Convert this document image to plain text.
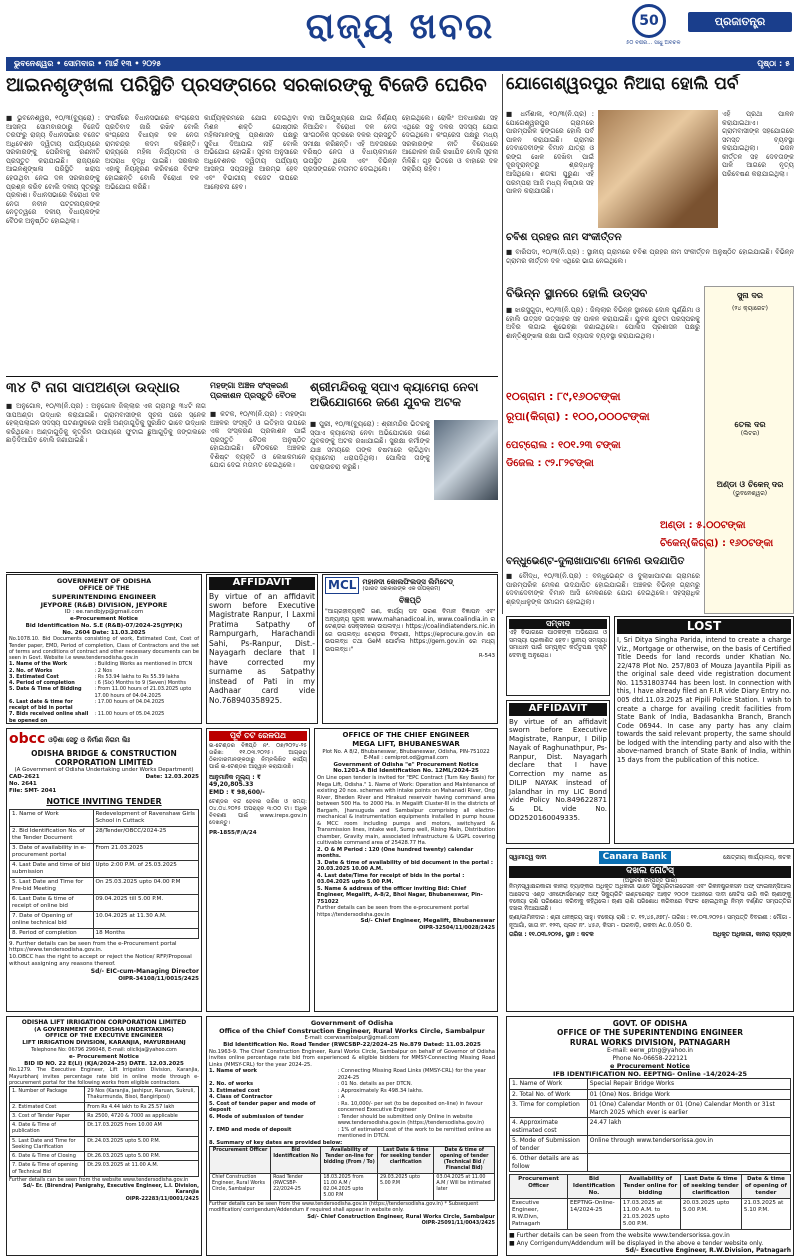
ରାଜ୍ୟ ଖବର	50
୫୦ ବର୍ଷର... ସାଧୁ ଅବିଚଳ
ପ୍ରଜାତନ୍ତ୍ର
ଭୁବନେଶ୍ୱର • ସୋମବାର • ମାର୍ଚ୍ଚ ୧୩ • ୨୦୨୫	ପୃଷ୍ଠା : ୫
ଆଇନଶୃଙ୍ଖଳା ପରିସ୍ଥିତି ପ୍ରସଙ୍ଗରେ ସରକାରଙ୍କୁ ବିଜେଡି ଘେରିବ
■ ଭୁବନେଶ୍ୱର, ୧୦/୩(ବ୍ୟୁରୋ) : ଆସନ୍ତା ସୋମବାରଠାରୁ ବିଜେଡି ତରଫରୁ ରାଜ୍ୟ ବିଧାନସଭାର ବଜେଟ ଅଧିବେଶନ ଦ୍ୱିତୀୟ ପର୍ଯ୍ୟାୟରେ ସରକାରଙ୍କୁ ଘେରିବାକୁ ରଣନୀତି ପ୍ରସ୍ତୁତ କରାଯାଇଛି। ରାଜ୍ୟରେ ଆଇନଶୃଙ୍ଖଳା ପରିସ୍ଥିତି ଖରାପ ହେଉଥିବା ନେଇ ଦଳ ସରକାରଙ୍କୁ ପ୍ରଶ୍ନ କରିବ ବୋଲି ଦଳୀୟ ସୂତ୍ରରୁ ପ୍ରକାଶ। ବିଧାନସଭାରେ ବିରୋଧୀ ଦଳ ନେତା ନବୀନ ପଟ୍ଟନାୟକଙ୍କ ନେତୃତ୍ୱରେ ଦଳୀୟ ବିଧାୟକଙ୍କ ବୈଠକ ଅନୁଷ୍ଠିତ ହୋଇଥିଲା।
ସଂପର୍କରେ ବିଧାନସଭାରେ କଂଗ୍ରେସ ପ୍ରତିବାଦ ଜାରି ରଖିବ ବୋଲି କଂଗ୍ରେସ ବିଧାୟକ ଦଳ ନେତା ରାମଚନ୍ଦ୍ର କଦମ କହିଛନ୍ତି। ରାଜ୍ୟରେ ମହିଳା ନିର୍ଯ୍ୟାତନା ଓ ଅପରାଧ ବୃଦ୍ଧି ପାଇଛି। ସରକାର ଏହାକୁ ନିୟନ୍ତ୍ରଣ କରିବାରେ ବିଫଳ ହୋଇଛନ୍ତି ବୋଲି ବିରୋଧୀ ଦଳ ଅଭିଯୋଗ କରିଛି।
କାର୍ଯ୍ୟକ୍ରମରେ ଯୋଗ ଦେଇଥିବା ମିଶନ ଶକ୍ତି ଗୋଷ୍ଠୀର ମହିଳାମାନଙ୍କୁ ପ୍ରଶାସନ ପକ୍ଷରୁ ସୁବିଧା ଦିଆଯାଇ ନାହିଁ ବୋଲି ଅଭିଯୋଗ ହୋଇଛି। ସୂଚନା ଅନୁସାରେ ଅଧିବେଶନର ଦ୍ୱିତୀୟ ପର୍ଯ୍ୟାୟ ଆସନ୍ତା ସପ୍ତାହରୁ ଆରମ୍ଭ ହେବ ଏବଂ ବିଭାଗୀୟ ବଜେଟ ଉପରେ ଆଲୋଚନା ହେବ।
ବାରା ଆଭିମୁଖ୍ୟରେ ଯାଇ ନିର୍ଣ୍ଣୟ ନିଆଯିବ। ବିରୋଧୀ ଦଳ ନେତା ସାଂଗଠନିକ ସ୍ତରରେ ଦଳର ପ୍ରସ୍ତୁତି ସମୀକ୍ଷା କରିଛନ୍ତି। ଏହି ଅବସରରେ ବରିଷ୍ଠ ନେତା ଓ ବିଧାୟକମାନେ ଉପସ୍ଥିତ ଥିଲେ ଏବଂ ବିଭିନ୍ନ ପ୍ରସଙ୍ଗରେ ମତାମତ ଦେଇଥିଲେ।
ହୋଇଥିଲେ। ରୋଲିଂ ଅବଧାରଣା ସହ ଏଥିରେ ସବୁ ଦଳର ସଦସ୍ୟ ଯୋଗ ଦେଇଥିଲେ। କଂଗ୍ରେସ ପକ୍ଷରୁ ମଧ୍ୟ ସରକାରଙ୍କ ନୀତି ବିରୋଧରେ ଆନ୍ଦୋଳନ ଜାରି ରଖାଯିବ ବୋଲି ସୂଚନା ମିଳିଛି। ଗୃହ ଭିତରେ ଓ ବାହାରେ ଦଳ ସକ୍ରିୟ ରହିବ।
ଯୋଗେଶ୍ୱରପୁର ନିଆରା ହୋଲି ପର୍ବ
■ ଧର୍ମଶାଳା, ୧୦/୩(ନି.ପ୍ର) : ଯୋଗେଶ୍ୱରପୁର ଗ୍ରାମରେ ପାରମ୍ପରିକ ଢଙ୍ଗରେ ହୋଲି ପର୍ବ ପାଳନ କରାଯାଇଛି। ଗ୍ରାମର ଦେବାଦେବୀଙ୍କ ବିମାନ ଯାତ୍ରା ଓ ରଙ୍ଗ ଖେଳ ଦେଖିବା ପାଇଁ ଦୂରଦୂରାନ୍ତରୁ ଶ୍ରଦ୍ଧାଳୁ ଆସିଥିଲେ। ଶତାବ୍ଦୀ ପୁରୁଣା ଏହି ପରମ୍ପରା ଆଜି ମଧ୍ୟ ନିଷ୍ଠାର ସହ ପାଳନ କରାଯାଉଛି।
ଏହି ପ୍ରଥା ପାଳନ କରାଯାଇଥାଏ। ଗ୍ରାମବାସୀଙ୍କ ସହଯୋଗରେ ସମସ୍ତ ବ୍ୟବସ୍ଥା କରାଯାଇଥିଲା। ଭଜନ କୀର୍ତ୍ତନ ସହ ଦେବତାଙ୍କ ପାଳି ଆଗରେ ନୃତ୍ୟ ପରିବେଷଣ କରାଯାଇଥିଲା।
ଚବିଶ ପ୍ରହର ନାମ ସଂକୀର୍ତ୍ତନ
■ ବାରିପଦା, ୧୦/୩(ନି.ପ୍ର) : ସ୍ଥାନୀୟ ଗ୍ରାମରେ ଚବିଶ ପ୍ରହର ନାମ ସଂକୀର୍ତ୍ତନ ଅନୁଷ୍ଠିତ ହୋଇଯାଇଛି। ବିଭିନ୍ନ ଗ୍ରାମର କୀର୍ତ୍ତନ ଦଳ ଏଥିରେ ଭାଗ ନେଇଥିଲେ।
ବିଭିନ୍ନ ସ୍ଥାନରେ ହୋଲି ଉତ୍ସବ
■ ଝାରସୁଗୁଡ଼ା, ୧୦/୩(ନି.ପ୍ର) : ଜିଲ୍ଲାର ବିଭିନ୍ନ ସ୍ଥାନରେ ଦୋଳ ପୂର୍ଣ୍ଣିମା ଓ ହୋଲି ଉତ୍ସବ ଉତ୍ସାହର ସହ ପାଳନ କରାଯାଇଛି। ଯୁବକ ଯୁବତୀ ପରସ୍ପରକୁ ଅବିର ଲଗାଇ ଶୁଭେଚ୍ଛା ଜଣାଇଥିଲେ। ପୋଲିସ ପ୍ରଶାସନ ପକ୍ଷରୁ ଶାନ୍ତିଶୃଙ୍ଖଳା ରକ୍ଷା ପାଇଁ ବ୍ୟାପକ ବ୍ୟବସ୍ଥା କରାଯାଇଥିଲା।
ସୁନା ଦର
(୨୪ କ୍ୟାରେଟ)
୧୦ଗ୍ରାମ : ୮୯,୧୬୦ଟଙ୍କା
ରୂପା(କିଗ୍ରା) : ୧୦୦,୦୦୦ଟଙ୍କା
ତେଲ ଦର
(ଲିଟର)
ପେଟ୍ରୋଲ : ୧୦୧.୨୩ ଟଙ୍କା
ଡିଜେଲ : ୯୨.୮୨ଟଙ୍କା
ଅଣ୍ଡା ଓ ଚିକେନ୍ ଦର
(ଭୁବନେଶ୍ୱର)
ଅଣ୍ଡା : ୫.୦୦ଟଙ୍କା
ଚିକେନ୍(କିଗ୍ରା) : ୧୬୦ଟଙ୍କା
୩୪ ଟି ନାଗ ସାପଅଣ୍ଡା ଉଦ୍ଧାର
■ ଅନୁଗୋଳ, ୧୦/୩(ନି.ପ୍ର) : ଅନୁଗୋଳ ଜିଲ୍ଲାର ଏକ ଗ୍ରାମରୁ ୩୪ଟି ନାଗ ସାପଅଣ୍ଡା ଉଦ୍ଧାର କରାଯାଇଛି। ଗ୍ରାମବାସୀଙ୍କ ସୂଚନା ପରେ ସ୍ନେକ ହେଲ୍ପଲାଇନ ସଦସ୍ୟ ଘଟଣାସ୍ଥଳରେ ପହଞ୍ଚି ଅଣ୍ଡାଗୁଡ଼ିକୁ ସୁରକ୍ଷିତ ଭାବେ ଉଦ୍ଧାର କରିଥିଲେ। ଅଣ୍ଡାଗୁଡ଼ିକୁ କୃତ୍ରିମ ଉପାୟରେ ଫୁଟାଇ ଛୁଆଗୁଡ଼ିକୁ ଜଙ୍ଗଲରେ ଛାଡ଼ିଦିଆଯିବ ବୋଲି ଜଣାଯାଇଛି।
ମହଙ୍ଗା ଅଞ୍ଚଳ ସଂସ୍କରଣ ପ୍ରକାଶନ ପ୍ରସ୍ତୁତି ବୈଠକ
■ କଟକ, ୧୦/୩(ନି.ପ୍ର) : ମହଙ୍ଗା ଅଞ୍ଚଳର ସଂସ୍କୃତି ଓ ଇତିହାସ ଉପରେ ଏକ ସଂସ୍କରଣ ପ୍ରକାଶନ ପାଇଁ ପ୍ରସ୍ତୁତି ବୈଠକ ଅନୁଷ୍ଠିତ ହୋଇଯାଇଛି। ବୈଠକରେ ଅଞ୍ଚଳର ବିଶିଷ୍ଟ ବ୍ୟକ୍ତି ଓ ଲେଖକମାନେ ଯୋଗ ଦେଇ ମତାମତ ଦେଇଥିଲେ।
ଶ୍ରୀମନ୍ଦିରକୁ ସ୍ପାଏ କ୍ୟାମେରା ନେବା ଅଭିଯୋଗରେ ଜଣେ ଯୁବକ ଅଟକ
■ ପୁରୀ, ୧୦/୩(ବ୍ୟୁରୋ) : ଶ୍ରୀମନ୍ଦିର ଭିତରକୁ ସ୍ପାଏ କ୍ୟାମେରା ନେବା ଅଭିଯୋଗରେ ଜଣେ ଯୁବକଙ୍କୁ ଅଟକ ରଖାଯାଇଛି। ସୁରକ୍ଷା କର୍ମୀଙ୍କ ଯାଞ୍ଚ ସମୟରେ ତାଙ୍କ ଚଷମାରେ ଲାଗିଥିବା କ୍ୟାମେରା ଧରାପଡ଼ିଥିଲା। ପୋଲିସ ତାଙ୍କୁ ପଚରାଉଚରା କରୁଛି।
ବନ୍ଧୁଭେଣ୍ଟ-ଦୁଲାଖାପାଟଣା ମେଳଣ ଉଦଯାପିତ
■ ବୌଦ୍ଧ, ୧୦/୩(ନି.ପ୍ର) : ବନ୍ଧୁଭେଣ୍ଟ ଓ ଦୁଲାଖାପାଟଣା ଗ୍ରାମରେ ପାରମ୍ପରିକ ମେଳଣ ଉଦଯାପିତ ହୋଇଯାଇଛି। ଅଞ୍ଚଳର ବିଭିନ୍ନ ଗ୍ରାମରୁ ଦେବାଦେବୀଙ୍କ ବିମାନ ଆସି ମେଳଣରେ ଯୋଗ ଦେଇଥିଲେ। ସହସ୍ରାଧିକ ଶ୍ରଦ୍ଧାଳୁଙ୍କ ସମାଗମ ହୋଇଥିଲା।
GOVERNMENT OF ODISHA
OFFICE OF THE
SUPERINTENDING ENGINEER
JEYPORE (R&B) DIVISION, JEYPORE
ID : ee.randbjyp@gmail.com
e-Procurement Notice
Bid Identification No. S.E (R&B)-07/2024-25(JYP(K)
No. 2604 Date: 11.03.2025
No.1078.10. Bid Documents consisting of work, Estimated Cost, Cost of Tender paper, EMD, Period of completion, Class of Contractors and the set of terms and conditions of contract and other necessary documents can be seen in Govt. Website i.e www.tendersodisha.gov.in
1. Name of the Work	: Building Works as mentioned in DTCN
2. No. of Works	: 2 Nos
3. Estimated Cost	: Rs 53.94 lakhs to Rs 55.39 lakhs
4. Period of completion	: 6 (Six) Months to 9 (Seven) Months
5. Date & Time of Bidding	: From 11.00 hours of 21.03.2025 upto 17.00 hours of 04.04.2025
6. Last date & time for receipt of bid in portal
: 17.00 hours of 04.04.2025
7. Bids received online shall be opened on
: 11.00 hours of 05.04.2025
AFFIDAVIT
By virtue of an affidavit sworn before Executive Magistrate Ranpur, I Laxmi Pratima Satpathy of Rampurgarh, Harachandi Sahi, Ps-Ranpur, Dist.-Nayagarh declare that I have corrected my surname as Satpathy instead of Pati in my Aadhaar card vide No.768940358925.
MCL ମହାନଦୀ କୋଲଫିଲଡ୍ସ ଲିମିଟେଡ୍
(ଭାରତ ସରକାରଙ୍କ ଏକ ଉପକ୍ରମ)
ବିଜ୍ଞପ୍ତି
"ଆଗ୍ରହୀବ୍ୟକ୍ତି ଗଣ, କାର୍ଯ୍ୟ ପଦ ଭରଣ ବିମାନ ବିଜ୍ଞାପନ ଏବଂ ଅନ୍ୟାନ୍ୟ ସୂଚନା www.mahanadicoal.in, www.coalindia.in ର ଟେଣ୍ଡର ସେକ୍ସନରେ ଉପଲବ୍ଧ। https://coalindiatenders.nic.in ରେ ଉପଲବ୍ଧ ଟେଣ୍ଡର ବିବରଣୀ, https://eprocure.gov.in ରେ ଉପଲବ୍ଧ ତଥା GeM ପୋର୍ଟାଲ https://gem.gov.in ରେ ମଧ୍ୟ ଉପଲବ୍ଧ।"
R-543
ସମ୍ବାଦ
ଏହି ବିଭାଗରେ ପାଠକଙ୍କ ଅଭିଯୋଗ ଓ ସମସ୍ୟା ପ୍ରକାଶିତ ହେବ। ସ୍ଥାନୀୟ ସମସ୍ୟା ସମାଧାନ ପାଇଁ ସମ୍ପୃକ୍ତ କର୍ତ୍ତୃପକ୍ଷ ଦୃଷ୍ଟି ଦେବାକୁ ଅନୁରୋଧ।
AFFIDAVIT
By virtue of an affidavit sworn before Executive Magistrate, Ranpur, I Dilip Nayak of Raghunathpur, Ps-Ranpur, Dist. Nayagarh declare that I have Correction my name as DILIP NAYAK instead of Jalandhar in my LIC Bond vide Policy No.849622871 & DL vide No. OD2520160049335.
LOST
I, Sri Ditya Singha Parida, intend to create a charge Viz., Mortgage or otherwise, on the basis of Certified Title Deeds for land records under Khatian No. 22/478 Plot No. 257/803 of Mouza Jayantila Pipili as the original sale deed vide registration document No. 11531803744 has been lost. In connection with this, I have already filed an F.I.R vide Diary Entry no. 005 dtd.11.03.2025 at Pipili Police Station. I wish to create a charge for availing credit facilities from State Bank of India, Badasankha Branch, Branch Code 06944. In case any party has any claim towards the said relevant property, the same should be lodged with the intending party and also with the above-named branch of State Bank of India, within 15 days from the publication of this notice.
obcc ଓଡ଼ିଶା ସେତୁ ଓ ନିର୍ମାଣ ନିଗମ ଲିଃ
ODISHA BRIDGE & CONSTRUCTION
CORPORATION LIMITED
(A Government of Odisha Undertaking under Works Department)
CAD-2621	Date: 12.03.2025
No. 2641
File: SMT- 2041
NOTICE INVITING TENDER
1. Name of Work	Redevelopment of Ravenshaw Girls School in Cuttack
2. Bid Identification No. of the Tender Document	28/Tender/OBCC/2024-25
3. Date of availability in e-procurement portal	From 21.03.2025
4. Last Date and time of bid submission	Upto 2:00 P.M. of 25.03.2025
5. Last Date and Time for Pre-bid Meeting	On 25.03.2025 upto 04.00 P.M
6. Last Date & time of receipt of online bid	09.04.2025 till 5.00 P.M.
7. Date of Opening of online technical bid	10.04.2025 at 11.30 A.M.
8. Period of completion	18 Months
9. Further details can be seen from the e-Procurement portal https://www.tendersodisha.gov.in.
10.OBCC has the right to accept or reject the Notice/ RFP/Proposal without assigning any reasons thereof.
Sd/- EIC-cum-Managing Director
OIPR-34108/11/0015/2425
ପୂର୍ବ ତଟ ରେଳପଥ
ଇ-ଟେଣ୍ଡର ବିଜ୍ଞପ୍ତି ନଂ. ୦୭/୨୦୨୪-୨୫ ତାରିଖ: ୧୧.୦୩.୨୦୨୫। ଆଗ୍ରହୀ ଠିକାଦାରମାନଙ୍କଠାରୁ ନିମ୍ନଲିଖିତ କାର୍ଯ୍ୟ ପାଇଁ ଇ-ଟେଣ୍ଡର ଆହ୍ୱାନ କରାଯାଉଛି।
ଆନୁମାନିକ ମୂଲ୍ୟ : ₹ 49,20,805.33
EMD : ₹ 98,600/-
ଟେଣ୍ଡର ବନ୍ଦ ହେବାର ତାରିଖ ଓ ସମୟ: ୦୪.୦୪.୨୦୨୫ ଅପରାହ୍ନ ୩:୦୦ ଟା। ଅଧିକ ବିବରଣୀ ପାଇଁ www.ireps.gov.in ଦେଖନ୍ତୁ।
PR-1855/F/A/24
OFFICE OF THE CHIEF ENGINEER
MEGA LIFT, BHUBANESWAR
Plot No. A 8/2, Bhubaneswar, Bhubaneswar, Odisha, PIN-751022
E-Mail : cemlprot.od@gmail.com
Government of Odisha "e" Procurement Notice
No.1201-A Bid Identification No. 12ML/2024-25
On Line open tender is invited for "EPC Contract (Turn Key Basis) for Mega Lift, Odisha." 1. Name of Work: Operation and Maintenance of existing 20 nos. schemes with intake points on Mahanadi River, Ong River, Bheden River and Hirakud reservoir having command area between 500 Ha. to 2000 Ha. in Megalift Cluster-III in the districts of Bargarh, Jharsuguda and Sambalpur comprising all electro-mechanical & instrumentation equipments installed in pump house & MCC room including pumps and motors, switchyard & Transmission lines, intake well, Sump well, Rising Main, Distribution chamber, Gravity main, associated infrastructure & UGPL covering cultivable command area of 25428.77 Ha.
2. O & M Period : 120 (One hundred twenty) calendar months.
3. Date & time of availability of bid document in the portal : 20.03.2025 10.00 A.M.
4. Last date/Time for receipt of bids in the portal : 03.04.2025 upto 5.00 P.M.
5. Name & address of the officer inviting Bid: Chief Engineer, Megalift, A-8/2, Bhoi Nagar, Bhubaneswar, Pin-751022
Further details can be seen from the e-procurement portal https://tendersodisha.gov.in
Sd/- Chief Engineer, Megalift, Bhubaneswar
OIPR-32504/11/0028/2425
ସ୍ୱାମୀତ୍ୱ ଦାବୀ	Canara Bank	କ୍ଷେତ୍ରୀୟ କାର୍ଯ୍ୟାଳୟ, କଟକ
ଦଖଲ ନୋଟିସ୍
(ଅସ୍ଥାବର ସମ୍ପତ୍ତି ପାଇଁ)
ନିମ୍ନସ୍ୱାକ୍ଷରକାରୀ କାନରା ବ୍ୟାଙ୍କର ଅଧିକୃତ ଅଧିକାରୀ ଭାବେ ସିକ୍ୟୁରିଟାଇଜେସନ ଏବଂ ରିକନଷ୍ଟ୍ରକସନ ଅଫ୍ ଫାଇନାନ୍ସିଆଲ ଆସେଟସ ଏଣ୍ଡ ଏନଫୋର୍ସମେଣ୍ଟ ଅଫ୍ ସିକ୍ୟୁରିଟି ଇଣ୍ଟରେଷ୍ଟ ଆକ୍ଟ ୨୦୦୨ ଅଧୀନରେ ଦାବୀ ନୋଟିସ ଜାରି କରି ଋଣୀଙ୍କୁ ବକେୟା ରାଶି ପରିଶୋଧ କରିବାକୁ କହିଥିଲେ। ଋଣୀ ରାଶି ପରିଶୋଧ କରିବାରେ ବିଫଳ ହୋଇଥିବାରୁ ନିମ୍ନ ବର୍ଣ୍ଣିତ ସମ୍ପତ୍ତିର ଦଖଲ ନିଆଯାଇଛି।
ଋଣୀ/ଜାମିନଦାର : ଶ୍ରୀ ଧନଞ୍ଜୟ ସାହୁ। ବକେୟା ରାଶି : ଟ. ୧୨,୪୫,୬୭୮/- ତାରିଖ : ୧୧.୦୩.୨୦୨୫। ସମ୍ପତ୍ତି ବିବରଣୀ : ମୌଜା - ନୂଆଗାଁ, ଖାତା ନଂ. ୧୨୩, ପ୍ଲଟ ନଂ. ୪୫୬, କିସମ - ଘରବାଡ଼ି, ରକବା Ac.0.050 ଡି.
ତାରିଖ : ୧୧.୦୩.୨୦୨୫, ସ୍ଥାନ : କଟକ	ଅଧିକୃତ ଅଧିକାରୀ, କାନରା ବ୍ୟାଙ୍କ
ODISHA LIFT IRRIGATION CORPORATION LIMITED
(A GOVERNMENT OF ODISHA UNDERTAKING)
OFFICE OF THE EXECUTIVE ENGINEER
LIFT IRRIGATION DIVISION, KARANJIA, MAYURBHANJ
Telephone No: 06796 296048, E-mail: oliclkja@yahoo.com
e- Procurement Notice
BID ID NO. 22 E(LI) (KJA/2024-25) DATE. 12.03.2025
No.1279. The Executive Engineer, Lift Irrigation Division, Karanjia, Mayurbhanj invites percentage rate bid in online mode through e-procurement portal for the following works from eligible contractors.
1. Number of Package	29 Nos (Karanjia, Jashipur, Raruan, Sukruli, Thakurmunda, Bisoi, Bangiriposi)
2. Estimated Cost	From Rs 4.44 lakh to Rs 25.57 lakh
3. Cost of Tender Paper	Rs 2500, 4720 & 7000 as applicable
4. Date & Time of publication	Dt.17.03.2025 from 10.00 AM
5. Last Date and Time for Seeking Clarification	Dt.24.03.2025 upto 5.00 P.M.
6. Date & Time of Closing	Dt.26.03.2025 upto 5.00 P.M.
7. Date & Time of opening of Technical Bid	Dt.29.03.2025 at 11.00 A.M.
Further details can be seen from the website www.tendersodisha.gov.in
Sd/- Er. (Birendra) Panigrahy, Executive Engineer, L.I. Division, Karanjia
OIPR-22283/11/0001/2425
Government of Odisha
Office of the Chief Construction Engineer, Rural Works Circle, Sambalpur
E-mail: ccerwsambalpur@gmail.com
Bid Identification No. Road Tender (RWCSBP-22/2024-25 No.879 Dated: 11.03.2025
No.1963-9. The Chief Construction Engineer, Rural Works Circle, Sambalpur on behalf of Governor of Odisha invites online percentage rate bid from experienced & eligible bidders for MMSY-Connecting Missing Road Links (MMSY-CRL) for the year 2024-25.
1. Name of work	: Connecting Missing Road Links (MMSY-CRL) for the year 2024-25
2. No. of works	: 01 No. details as per DTCN.
3. Estimated cost	: Approximately Rs 498.34 lakhs.
4. Class of Contractor	: A
5. Cost of tender paper and mode of deposit
: Rs. 10,000/- per set (to be deposited on-line) in favour concerned Executive Engineer
6. Mode of submission of tender	: Tender should be submitted only Online in website www.tendersodisha.gov.in (https://tendersodisha.gov.in)
7. EMD and mode of deposit	: 1% of estimated cost of the work to be remitted online as mentioned in DTCN.
8. Summary of key dates are provided below:
Procurement Officer	Bid Identification No	Availability of Tender on-line for bidding (From / To)	Last Date & time for seeking tender clarification	Date & time of opening of tender (Technical Bid / Financial Bid)
Chief Construction Engineer, Rural Works Circle, Sambalpur	Road Tender (RWCSBP-22/2024-25	18.03.2025 from 11.00 A.M / 02.04.2025 upto 5.00 P.M	29.03.2025 upto 5.00 P.M	03.04.2025 at 11.00 A.M / Will be intimated later
Further details can be seen from the www.tendersodisha.gov.in (https://tendersodisha.gov.in) * Subsequent modification/ corrigendum/Addendum if required shall appear in website only.
Sd/- Chief Construction Engineer, Rural Works Circle, Sambalpur
OIPR-25091/11/0043/2425
GOVT. OF ODISHA
OFFICE OF THE SUPERINTENDING ENGINEER
RURAL WORKS DIVISION, PATNAGARH
E-mail: eerw_ptng@yahoo.in
Phone No-06658-222121
e Procurement Notice
IFB IDENTIFICATION NO. EEPTNG- Online -14/2024-25
1. Name of Work	Special Repair Bridge Works
2. Total No. of Work	01 (One) Nos. Bridge Work
3. Time for completion	01 (One) Calendar Month or 01 (One) Calendar Month or 31st March 2025 which ever is earlier
4. Approximate estimated cost	24.47 lakh
5. Mode of Submission of tender	Online through www.tendersorissa.gov.in
6. Other details are as follow	
Procurement Officer	Bid Identification No.	Availability of Tender online for bidding	Last Date & time of seeking tender clarification	Date & time of opening of tender
Executive Engineer, R.W.Divn, Patnagarh	EEPTNG-Online-14/2024-25	17.03.2025 at 11.00 A.M. to 21.03.2025 upto 5.00 P.M.	20.03.2025 upto 5.00 P.M.	21.03.2025 at 5.10 P.M.
■ Further details can be seen from the website www.tendersorissa.gov.in
■ Any Corrigendum/Addendum will be displayed in the above e tender website only.
Sd/- Executive Engineer, R.W.Division, Patnagarh
